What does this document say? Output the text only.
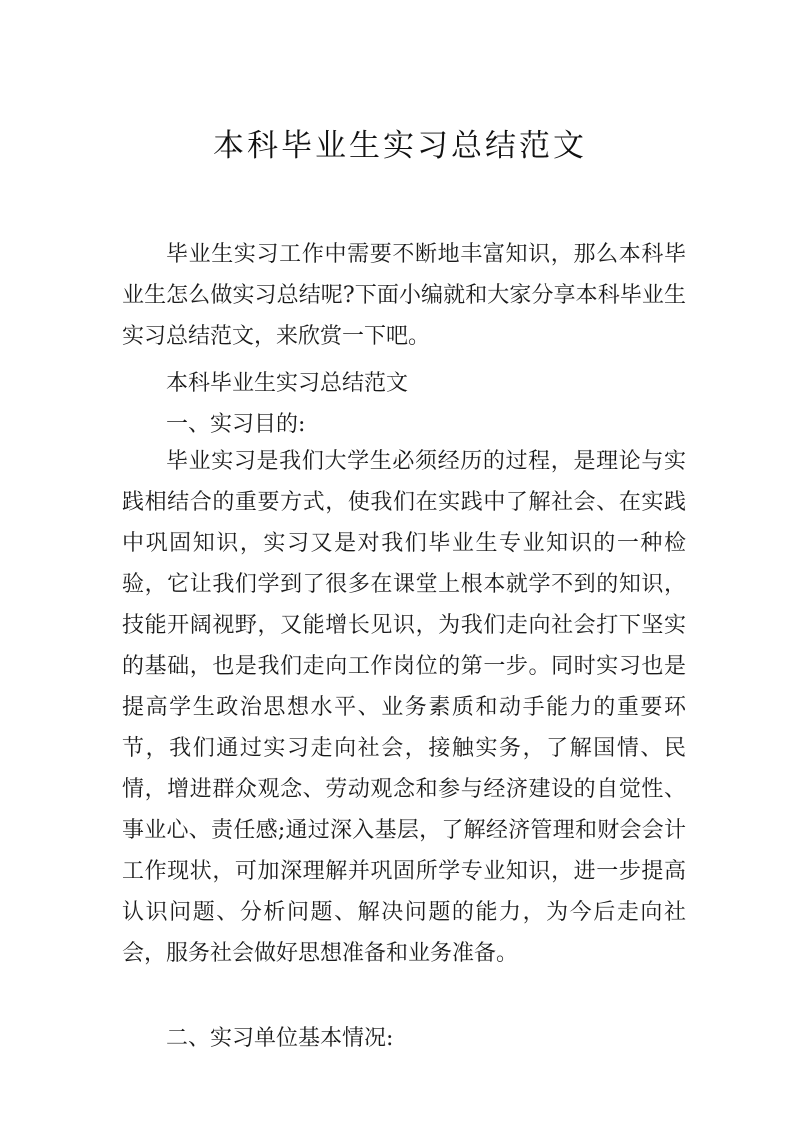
本科毕业生实习总结范文

毕业生实习工作中需要不断地丰富知识，那么本科毕业生怎么做实习总结呢?下面小编就和大家分享本科毕业生实习总结范文，来欣赏一下吧。

本科毕业生实习总结范文

一、实习目的:

毕业实习是我们大学生必须经历的过程，是理论与实践相结合的重要方式，使我们在实践中了解社会、在实践中巩固知识，实习又是对我们毕业生专业知识的一种检验，它让我们学到了很多在课堂上根本就学不到的知识，技能开阔视野，又能增长见识，为我们走向社会打下坚实的基础，也是我们走向工作岗位的第一步。同时实习也是提高学生政治思想水平、业务素质和动手能力的重要环节，我们通过实习走向社会，接触实务，了解国情、民情，增进群众观念、劳动观念和参与经济建设的自觉性、事业心、责任感;通过深入基层，了解经济管理和财会会计工作现状，可加深理解并巩固所学专业知识，进一步提高认识问题、分析问题、解决问题的能力，为今后走向社会，服务社会做好思想准备和业务准备。

二、实习单位基本情况:
